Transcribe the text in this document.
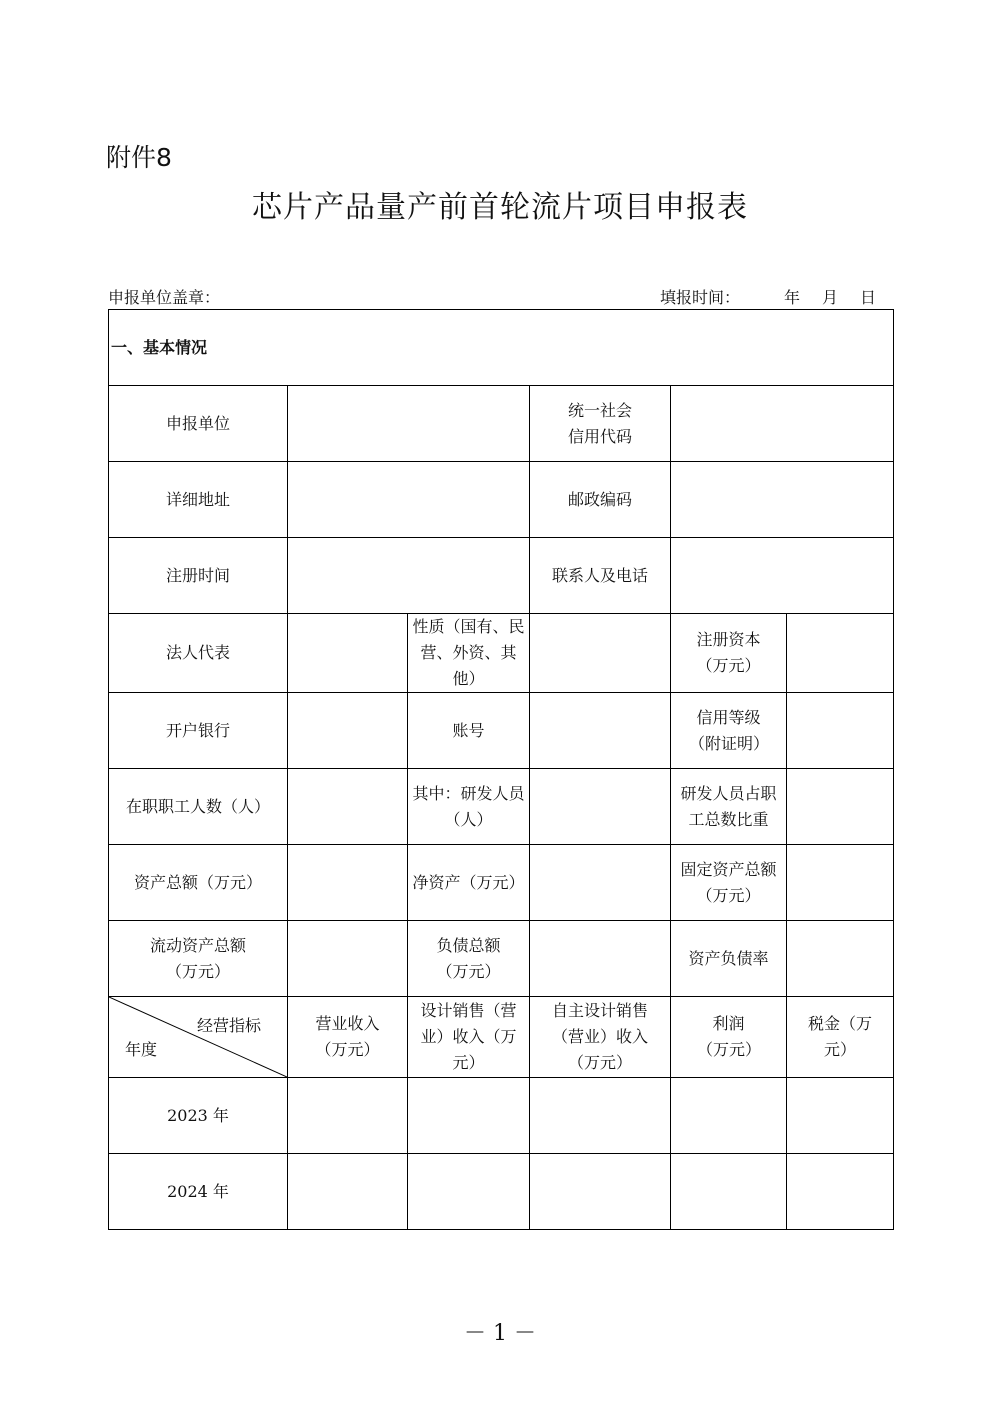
附件8
芯片产品量产前首轮流片项目申报表
申报单位盖章：	填报时间：	年 月 日
一、基本情况					
申报单位			统一社会信用代码		

详细地址			邮政编码		
注册时间			联系人及电话		
法人代表		性质（国有、民营、外资、其他）		注册资本（万元）	

开户银行		账号		信用等级（附证明）	

在职职工人数（人）		其中：研发人员（人）		研发人员占职工总数比重	
资产总额（万元）		净资产（万元）		固定资产总额（万元）	

流动资产总额（万元）		负债总额（万元）		资产负债率	

经营指标
年度	营业收入（万元）	设计销售（营业）收入（万元）	自主设计销售（营业）收入（万元）	利润（万元）	税金（万元）

2023 年					
2024 年					
－ 1 －
